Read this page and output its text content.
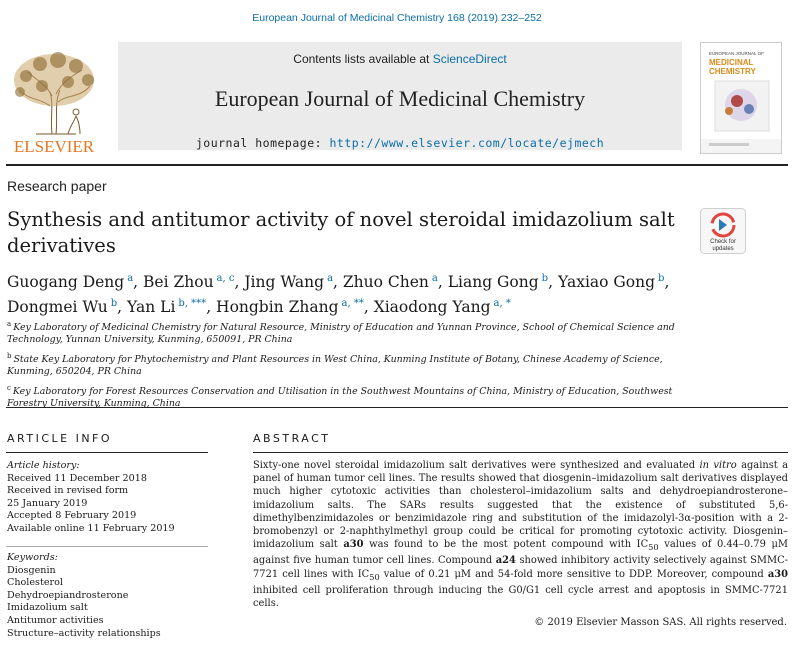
European Journal of Medicinal Chemistry 168 (2019) 232–252
ELSEVIER
Contents lists available at ScienceDirect
European Journal of Medicinal Chemistry
journal homepage: http://www.elsevier.com/locate/ejmech
EUROPEAN JOURNAL OF
MEDICINAL
CHEMISTRY
Research paper
Synthesis and antitumor activity of novel steroidal imidazolium salt derivatives	Check for
updates
Guogang Deng $^a$, Bei Zhou $^{a, c}$, Jing Wang $^a$, Zhuo Chen $^a$, Liang Gong $^b$, Yaxiao Gong $^b$,
Dongmei Wu $^b$, Yan Li $^{b, ***}$, Hongbin Zhang $^{a, **}$, Xiaodong Yang $^{a, *}$
$^a$ Key Laboratory of Medicinal Chemistry for Natural Resource, Ministry of Education and Yunnan Province, School of Chemical Science and Technology, Yunnan University, Kunming, 650091, PR China
$^b$ State Key Laboratory for Phytochemistry and Plant Resources in West China, Kunming Institute of Botany, Chinese Academy of Science, Kunming, 650204, PR China
$^c$ Key Laboratory for Forest Resources Conservation and Utilisation in the Southwest Mountains of China, Ministry of Education, Southwest Forestry University, Kunming, China
ARTICLE INFO	ABSTRACT
Article history:
Received 11 December 2018
Received in revised form
25 January 2019
Accepted 8 February 2019
Available online 11 February 2019
Keywords:
Diosgenin
Cholesterol
Dehydroepiandrosterone
Imidazolium salt
Antitumor activities
Structure–activity relationships
Sixty-one novel steroidal imidazolium salt derivatives were synthesized and evaluated in vitro against a panel of human tumor cell lines. The results showed that diosgenin–imidazolium salt derivatives displayed much higher cytotoxic activities than cholesterol–imidazolium salts and dehydroepiandrosterone–imidazolium salts. The SARs results suggested that the existence of substituted 5,6-dimethylbenzimidazoles or benzimidazole ring and substitution of the imidazolyl-3α-position with a 2-bromobenzyl or 2-naphthylmethyl group could be critical for promoting cytotoxic activity. Diosgenin–imidazolium salt a30 was found to be the most potent compound with $IC_{50}$ values of 0.44–0.79 μM against five human tumor cell lines. Compound a24 showed inhibitory activity selectively against SMMC-7721 cell lines with $IC_{50}$ value of 0.21 μM and 54-fold more sensitive to DDP. Moreover, compound a30 inhibited cell proliferation through inducing the G0/G1 cell cycle arrest and apoptosis in SMMC-7721 cells.
© 2019 Elsevier Masson SAS. All rights reserved.
